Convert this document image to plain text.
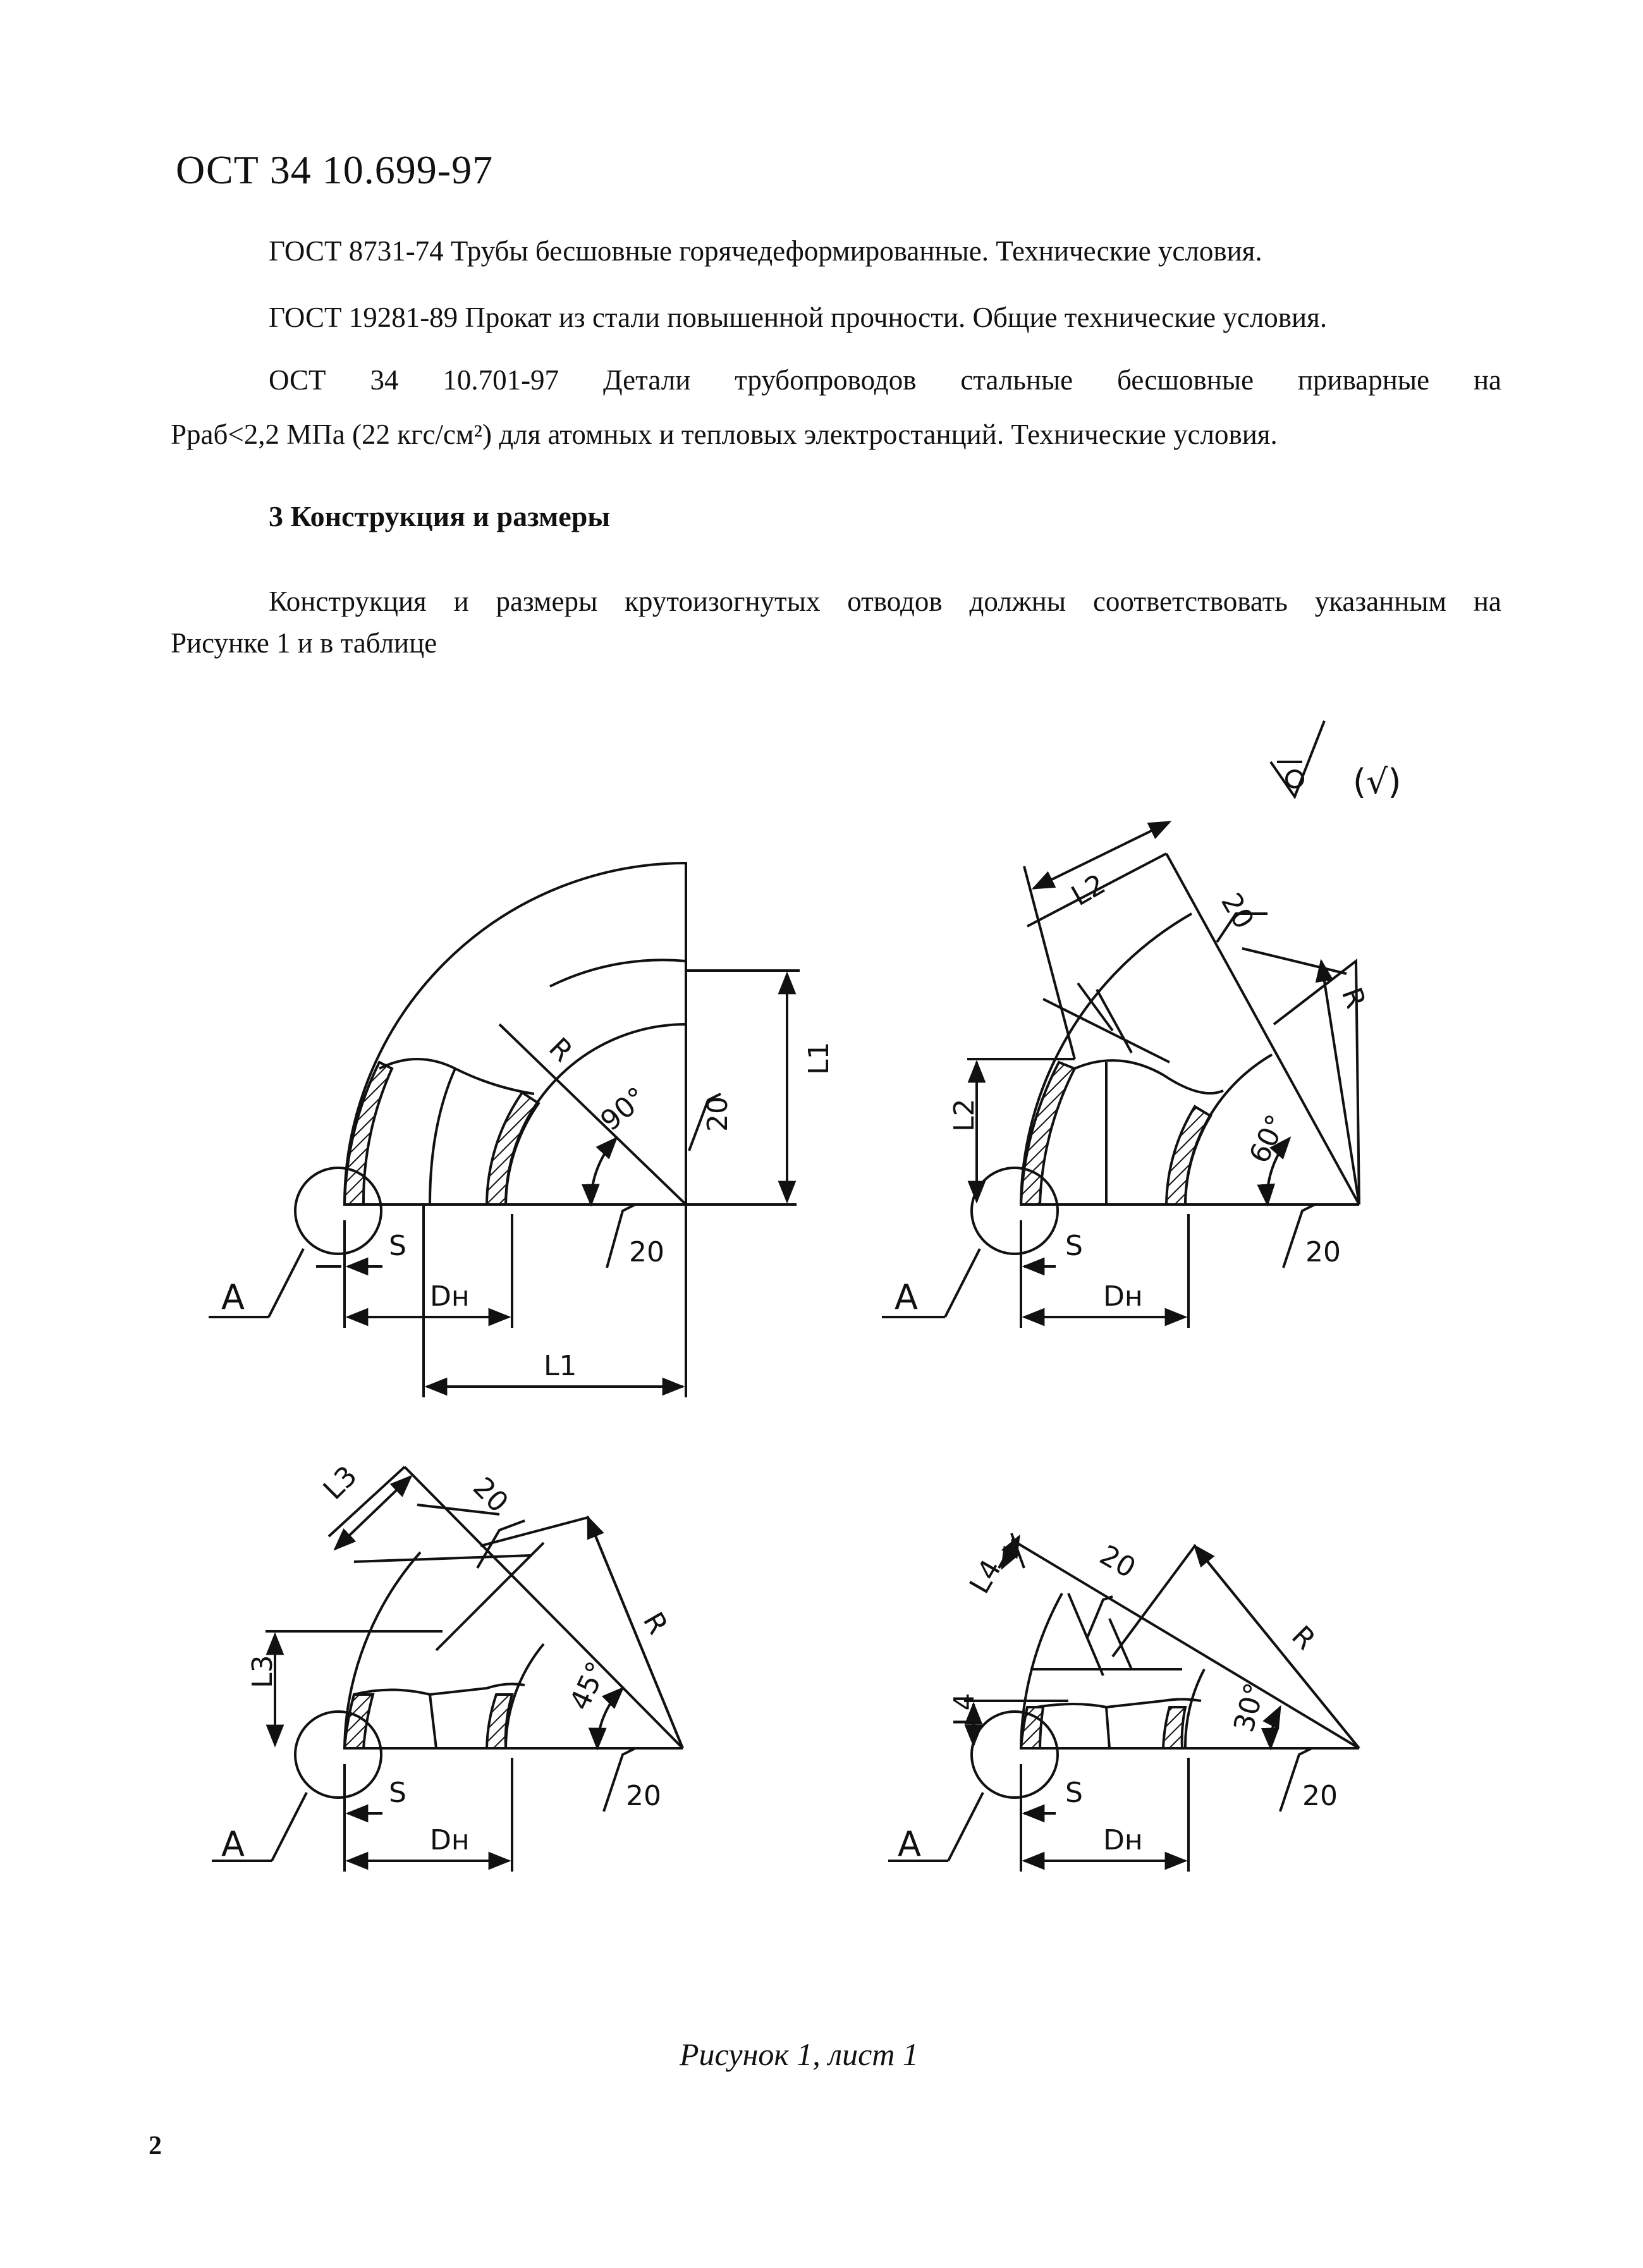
ОСТ 34 10.699-97
ГОСТ 8731-74 Трубы бесшовные горячедеформированные. Технические условия.
ГОСТ 19281-89 Прокат из стали повышенной прочности. Общие технические условия.
ОСТ 34 10.701-97 Детали трубопроводов стальные бесшовные приварные на
Рраб<2,2 МПа (22 кгс/см²) для атомных и тепловых электростанций. Технические условия.
3 Конструкция и размеры
Конструкция и размеры крутоизогнутых отводов должны соответствовать указанным на
Рисунке 1 и в таблице
(√)
R
90° 20
20
L1
L1
S
Dн
A
L2	20
R
60°
L2
20
S
Dн
A
L3	20
R
45°
L3
20
S
Dн
A
L4	20
R
30°
L4
20
S
Dн
A
Рисунок 1, лист 1
2
